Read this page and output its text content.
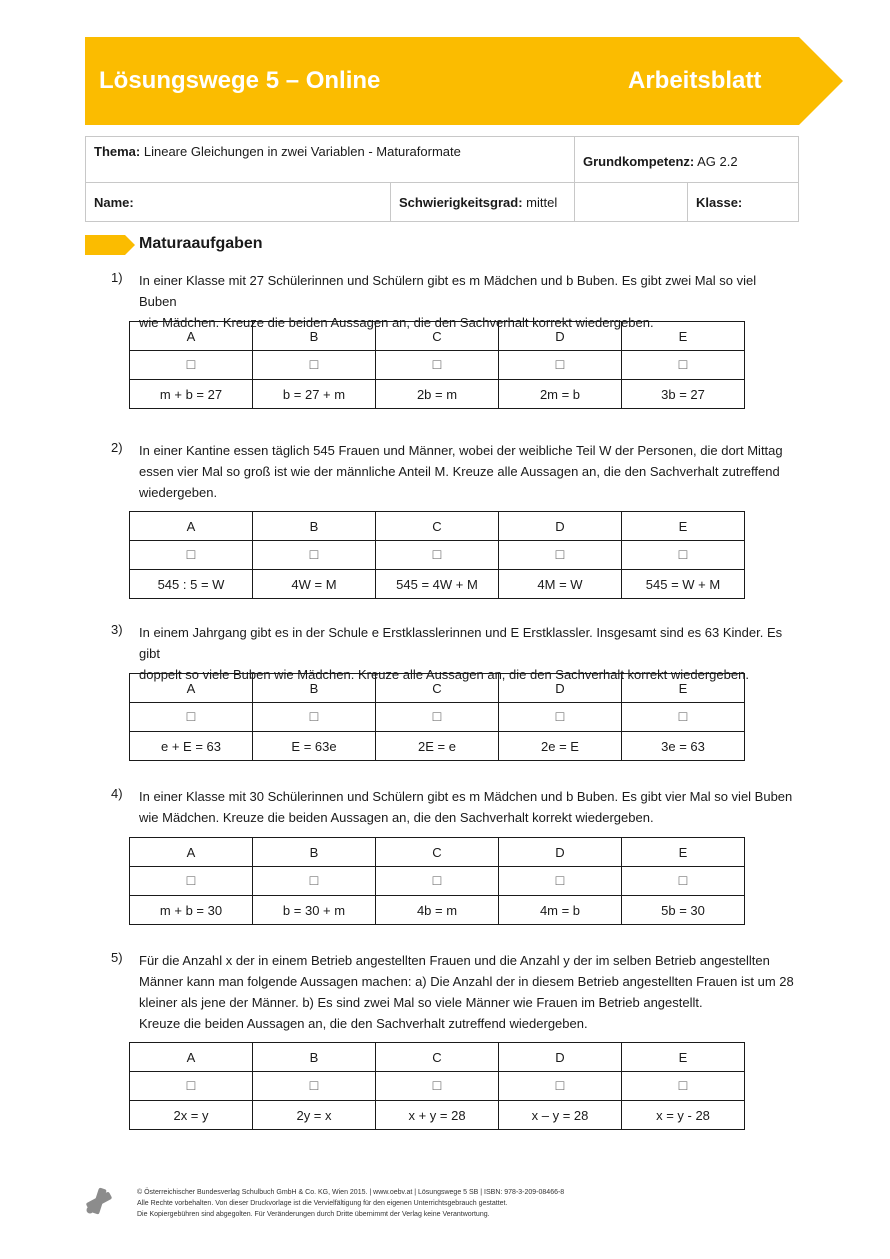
Lösungswege 5 – Online	Arbeitsblatt
Thema: Lineare Gleichungen in zwei Variablen - Maturaformate		Grundkompetenz: AG 2.2	
Name:	Schwierigkeitsgrad: mittel		Klasse:
Maturaaufgaben
1) In einer Klasse mit 27 Schülerinnen und Schülern gibt es m Mädchen und b Buben. Es gibt zwei Mal so viel Buben

wie Mädchen. Kreuze die beiden Aussagen an, die den Sachverhalt korrekt wiedergeben.

A	B	C	D	E
☐	☐	☐	☐	☐
m + b = 27	b = 27 + m	2b = m	2m = b	3b = 27
2) In einer Kantine essen täglich 545 Frauen und Männer, wobei der weibliche Teil W der Personen, die dort Mittag

essen vier Mal so groß ist wie der männliche Anteil M. Kreuze alle Aussagen an, die den Sachverhalt zutreffend

wiedergeben.

A	B	C	D	E
☐	☐	☐	☐	☐
545 : 5 = W	4W = M	545 = 4W + M	4M = W	545 = W + M
3) In einem Jahrgang gibt es in der Schule e Erstklasslerinnen und E Erstklassler. Insgesamt sind es 63 Kinder. Es gibt

doppelt so viele Buben wie Mädchen. Kreuze alle Aussagen an, die den Sachverhalt korrekt wiedergeben.

A	B	C	D	E
☐	☐	☐	☐	☐
e + E = 63	E = 63e	2E = e	2e = E	3e = 63
4) In einer Klasse mit 30 Schülerinnen und Schülern gibt es m Mädchen und b Buben. Es gibt vier Mal so viel Buben

wie Mädchen. Kreuze die beiden Aussagen an, die den Sachverhalt korrekt wiedergeben.

A	B	C	D	E
☐	☐	☐	☐	☐
m + b = 30	b = 30 + m	4b = m	4m = b	5b = 30
5) Für die Anzahl x der in einem Betrieb angestellten Frauen und die Anzahl y der im selben Betrieb angestellten

Männer kann man folgende Aussagen machen: a) Die Anzahl der in diesem Betrieb angestellten Frauen ist um 28

kleiner als jene der Männer. b) Es sind zwei Mal so viele Männer wie Frauen im Betrieb angestellt.

Kreuze die beiden Aussagen an, die den Sachverhalt zutreffend wiedergeben.

A	B	C	D	E
☐	☐	☐	☐	☐
2x = y	2y = x	x + y = 28	x – y = 28	x = y - 28
© Österreichischer Bundesverlag Schulbuch GmbH & Co. KG, Wien 2015. | www.oebv.at | Lösungswege 5 SB | ISBN: 978-3-209-08466-8
Alle Rechte vorbehalten. Von dieser Druckvorlage ist die Vervielfältigung für den eigenen Unterrichtsgebrauch gestattet.
Die Kopiergebühren sind abgegolten. Für Veränderungen durch Dritte übernimmt der Verlag keine Verantwortung.
